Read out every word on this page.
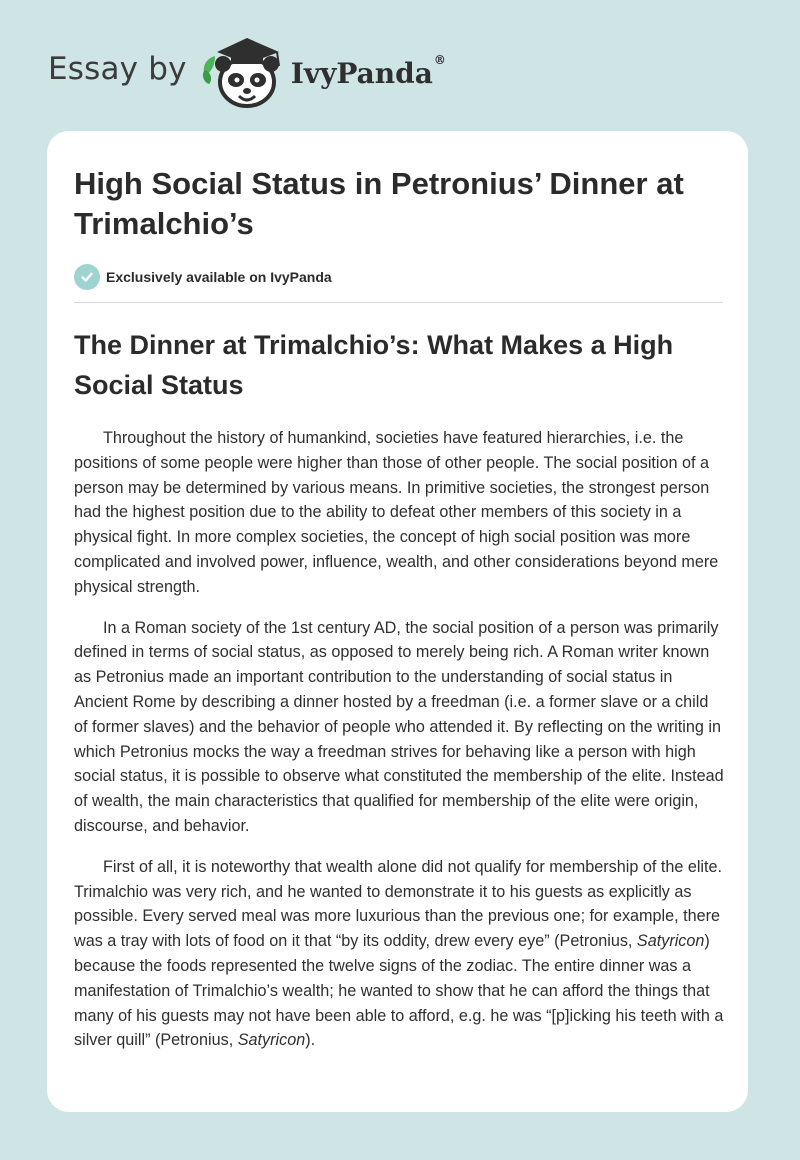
Essay by	IvyPanda®
High Social Status in Petronius’ Dinner at Trimalchio’s
Exclusively available on IvyPanda
The Dinner at Trimalchio’s: What Makes a High Social Status

Throughout the history of humankind, societies have featured hierarchies, i.e. the positions of some people were higher than those of other people. The social position of a person may be determined by various means. In primitive societies, the strongest person had the highest position due to the ability to defeat other members of this society in a physical fight. In more complex societies, the concept of high social position was more complicated and involved power, influence, wealth, and other considerations beyond mere physical strength.

In a Roman society of the 1st century AD, the social position of a person was primarily defined in terms of social status, as opposed to merely being rich. A Roman writer known as Petronius made an important contribution to the understanding of social status in Ancient Rome by describing a dinner hosted by a freedman (i.e. a former slave or a child of former slaves) and the behavior of people who attended it. By reflecting on the writing in which Petronius mocks the way a freedman strives for behaving like a person with high social status, it is possible to observe what constituted the membership of the elite. Instead of wealth, the main characteristics that qualified for membership of the elite were origin, discourse, and behavior.

First of all, it is noteworthy that wealth alone did not qualify for membership of the elite. Trimalchio was very rich, and he wanted to demonstrate it to his guests as explicitly as possible. Every served meal was more luxurious than the previous one; for example, there was a tray with lots of food on it that “by its oddity, drew every eye” (Petronius, Satyricon) because the foods represented the twelve signs of the zodiac. The entire dinner was a manifestation of Trimalchio’s wealth; he wanted to show that he can afford the things that many of his guests may not have been able to afford, e.g. he was “[p]icking his teeth with a silver quill” (Petronius, Satyricon).
